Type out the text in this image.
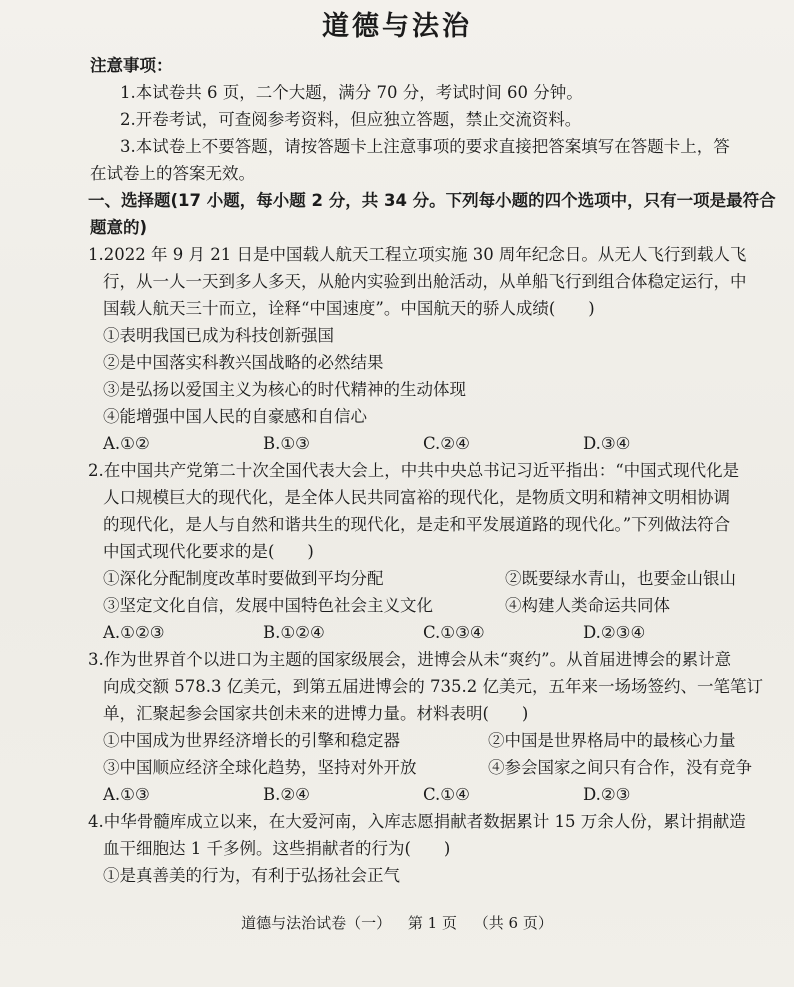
道德与法治
注意事项：
1.本试卷共 6 页，二个大题，满分 70 分，考试时间 60 分钟。
2.开卷考试，可查阅参考资料，但应独立答题，禁止交流资料。
3.本试卷上不要答题，请按答题卡上注意事项的要求直接把答案填写在答题卡上，答
在试卷上的答案无效。
一、选择题(17 小题，每小题 2 分，共 34 分。下列每小题的四个选项中，只有一项是最符合
题意的)
1.2022 年 9 月 21 日是中国载人航天工程立项实施 30 周年纪念日。从无人飞行到载人飞
行，从一人一天到多人多天，从舱内实验到出舱活动，从单船飞行到组合体稳定运行，中
国载人航天三十而立，诠释“中国速度”。中国航天的骄人成绩(　　)
①表明我国已成为科技创新强国
②是中国落实科教兴国战略的必然结果
③是弘扬以爱国主义为核心的时代精神的生动体现
④能增强中国人民的自豪感和自信心
A.①②	B.①③	C.②④	D.③④
2.在中国共产党第二十次全国代表大会上，中共中央总书记习近平指出：“中国式现代化是
人口规模巨大的现代化，是全体人民共同富裕的现代化，是物质文明和精神文明相协调
的现代化，是人与自然和谐共生的现代化，是走和平发展道路的现代化。”下列做法符合
中国式现代化要求的是(　　)
①深化分配制度改革时要做到平均分配	②既要绿水青山，也要金山银山
③坚定文化自信，发展中国特色社会主义文化	④构建人类命运共同体
A.①②③	B.①②④	C.①③④	D.②③④
3.作为世界首个以进口为主题的国家级展会，进博会从未“爽约”。从首届进博会的累计意
向成交额 578.3 亿美元，到第五届进博会的 735.2 亿美元，五年来一场场签约、一笔笔订
单，汇聚起参会国家共创未来的进博力量。材料表明(　　)
①中国成为世界经济增长的引擎和稳定器	②中国是世界格局中的最核心力量
③中国顺应经济全球化趋势，坚持对外开放	④参会国家之间只有合作，没有竞争
A.①③	B.②④	C.①④	D.②③
4.中华骨髓库成立以来，在大爱河南，入库志愿捐献者数据累计 15 万余人份，累计捐献造
血干细胞达 1 千多例。这些捐献者的行为(　　)
①是真善美的行为，有利于弘扬社会正气
道德与法治试卷（一） 第 1 页 （共 6 页）
